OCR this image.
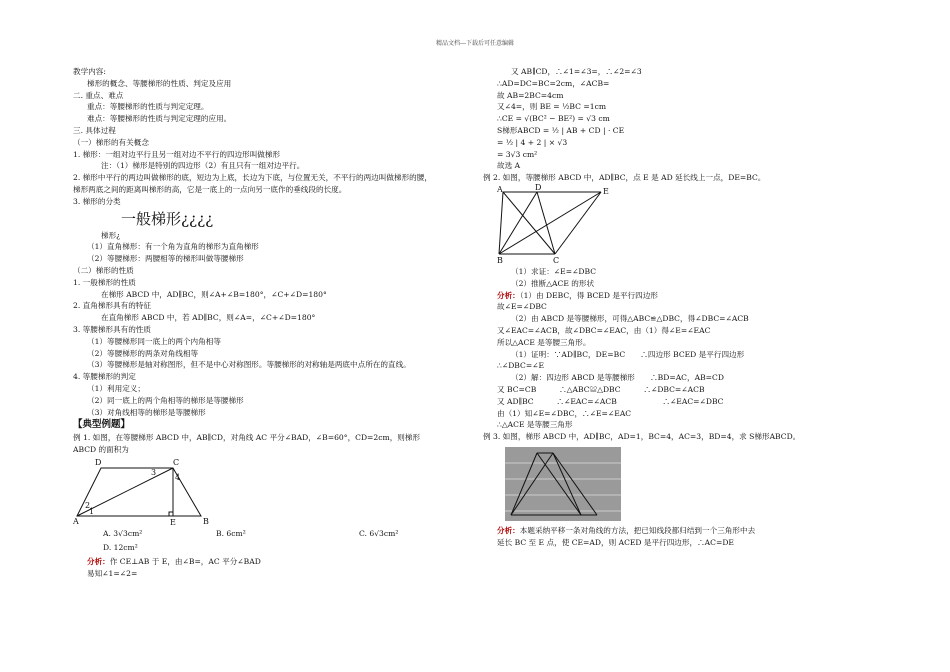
精品文档---下载后可任意编辑
教学内容:
梯形的概念、等腰梯形的性质、判定及应用
二. 重点、难点
重点：等腰梯形的性质与判定定理。
难点：等腰梯形的性质与判定定理的应用。
三. 具体过程
（一）梯形的有关概念
1. 梯形：一组对边平行且另一组对边不平行的四边形叫做梯形
注：（1）梯形是特别的四边形（2）有且只有一组对边平行。
2. 梯形中平行的两边叫做梯形的底，短边为上底，长边为下底，与位置无关，不平行的两边叫做梯形的腰，
梯形两底之间的距离叫梯形的高，它是一底上的一点向另一底作的垂线段的长度。
3. 梯形的分类
一般梯形¿¿¿¿
梯形¿
（1）直角梯形：有一个角为直角的梯形为直角梯形
（2）等腰梯形：两腰相等的梯形叫做等腰梯形
（二）梯形的性质
1. 一般梯形的性质
在梯形 ABCD 中，AD∥BC，则∠A+∠B=180°，∠C+∠D=180°
2. 直角梯形具有的特征
在直角梯形 ABCD 中，若 AD∥BC，则∠A=，∠C+∠D=180°
3. 等腰梯形具有的性质
（1）等腰梯形同一底上的两个内角相等
（2）等腰梯形的两条对角线相等
（3）等腰梯形是轴对称图形，但不是中心对称图形。等腰梯形的对称轴是两底中点所在的直线。
4. 等腰梯形的判定
（1）利用定义；
（2）同一底上的两个角相等的梯形是等腰梯形
（3）对角线相等的梯形是等腰梯形
【典型例题】
例 1. 如图，在等腰梯形 ABCD 中，AB∥CD，对角线 AC 平分∠BAD，∠B=60°，CD=2cm，则梯形
ABCD 的面积为
D	C
A	B
E
1
2
3
4
A. 3√3cm²	B. 6cm²	C. 6√3cm²
D. 12cm²
分析：作 CE⊥AB 于 E，由∠B=，AC 平分∠BAD
易知∠1=∠2=
又 AB∥CD，∴∠1=∠3=，∴∠2=∠3
∴AD=DC=BC=2cm，∠ACB=
故 AB=2BC=4cm
又∠4=，则 BE = ½BC =1cm
∴CE = √(BC² − BE²) = √3 cm
S梯形ABCD = ½ | AB + CD | · CE
= ½ | 4 + 2 | × √3
= 3√3 cm²
故选 A
例 2. 如图，等腰梯形 ABCD 中，AD∥BC，点 E 是 AD 延长线上一点，DE=BC。
A	D	E
B	C
（1）求证：∠E=∠DBC
（2）推断△ACE 的形状
分析：（1）由 DEBC，得 BCED 是平行四边形
故∠E=∠DBC
（2）由 ABCD 是等腰梯形，可得△ABC≌△DBC，得∠DBC=∠ACB
又∠EAC=∠ACB，故∠DBC=∠EAC，由（1）得∠E=∠EAC
所以△ACE 是等腰三角形。
（1）证明：∵AD∥BC，DE=BC　　∴四边形 BCED 是平行四边形
∴∠DBC=∠E
（2）解：四边形 ABCD 是等腰梯形　　∴BD=AC，AB=CD
又 BC=CB　　　∴△ABC≌△DBC　　　∴∠DBC=∠ACB
又 AD∥BC　　　∴∠EAC=∠ACB　　　　　　∴∠EAC=∠DBC
由（1）知∠E=∠DBC，∴∠E=∠EAC
∴△ACE 是等腰三角形
例 3. 如图，梯形 ABCD 中，AD∥BC，AD=1，BC=4，AC=3，BD=4，求 S梯形ABCD。
分析：本题采纳平移一条对角线的方法，把已知线段都归结到一个三角形中去
延长 BC 至 E 点，使 CE=AD，则 ACED 是平行四边形，∴AC=DE
